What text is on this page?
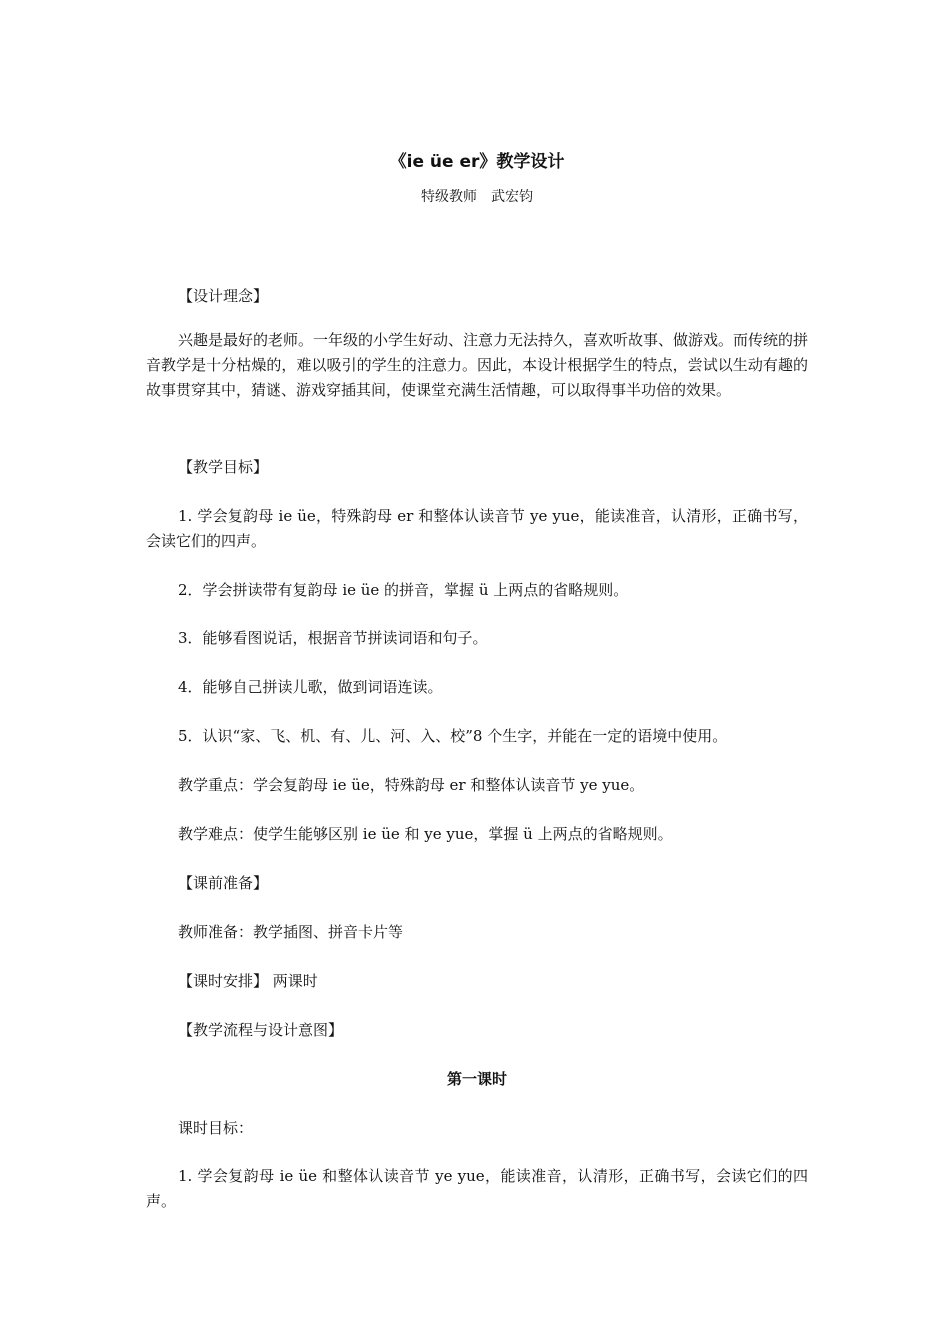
《ie üe er》教学设计
特级教师 武宏钧
【设计理念】
兴趣是最好的老师。一年级的小学生好动、注意力无法持久，喜欢听故事、做游戏。而传统的拼音教学是十分枯燥的，难以吸引的学生的注意力。因此，本设计根据学生的特点，尝试以生动有趣的故事贯穿其中，猜谜、游戏穿插其间，使课堂充满生活情趣，可以取得事半功倍的效果。
【教学目标】
1. 学会复韵母 ie üe，特殊韵母 er 和整体认读音节 ye yue，能读准音，认清形，正确书写，会读它们的四声。
2．学会拼读带有复韵母 ie üe 的拼音，掌握 ü 上两点的省略规则。
3．能够看图说话，根据音节拼读词语和句子。
4．能够自己拼读儿歌，做到词语连读。
5．认识“家、飞、机、有、儿、河、入、校”8 个生字，并能在一定的语境中使用。
教学重点：学会复韵母 ie üe，特殊韵母 er 和整体认读音节 ye yue。
教学难点：使学生能够区别 ie üe 和 ye yue，掌握 ü 上两点的省略规则。
【课前准备】
教师准备：教学插图、拼音卡片等
【课时安排】 两课时
【教学流程与设计意图】
第一课时
课时目标：
1. 学会复韵母 ie üe 和整体认读音节 ye yue，能读准音，认清形，正确书写，会读它们的四声。
